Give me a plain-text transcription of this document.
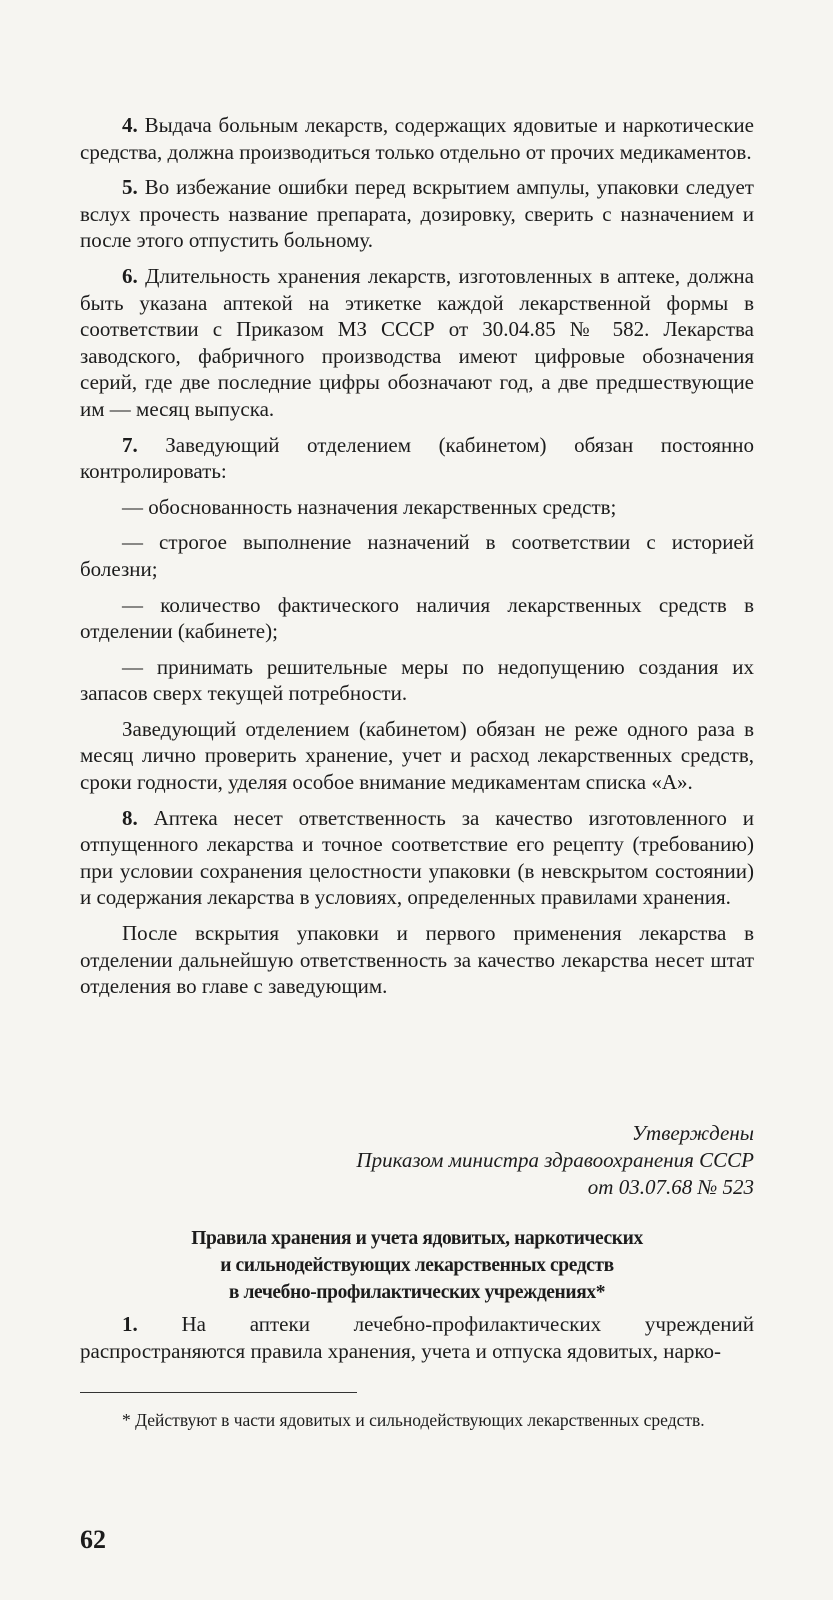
4. Выдача больным лекарств, содержащих ядовитые и наркотические средства, должна производиться только отдельно от прочих медикаментов.

5. Во избежание ошибки перед вскрытием ампулы, упаковки следует вслух прочесть название препарата, дозировку, сверить с назначением и после этого отпустить больному.

6. Длительность хранения лекарств, изготовленных в аптеке, должна быть указана аптекой на этикетке каждой лекарственной формы в соответствии с Приказом МЗ СССР от 30.04.85 № 582. Лекарства заводского, фабричного производства имеют цифровые обозначения серий, где две последние цифры обозначают год, а две предшествующие им — месяц выпуска.

7. Заведующий отделением (кабинетом) обязан постоянно контролировать:

— обоснованность назначения лекарственных средств;

— строгое выполнение назначений в соответствии с историей болезни;

— количество фактического наличия лекарственных средств в отделении (кабинете);

— принимать решительные меры по недопущению создания их запасов сверх текущей потребности.

Заведующий отделением (кабинетом) обязан не реже одного раза в месяц лично проверить хранение, учет и расход лекарственных средств, сроки годности, уделяя особое внимание медикаментам списка «А».

8. Аптека несет ответственность за качество изготовленного и отпущенного лекарства и точное соответствие его рецепту (требованию) при условии сохранения целостности упаковки (в невскрытом состоянии) и содержания лекарства в условиях, определенных правилами хранения.

После вскрытия упаковки и первого применения лекарства в отделении дальнейшую ответственность за качество лекарства несет штат отделения во главе с заведующим.

Утверждены
Приказом министра здравоохранения СССР
от 03.07.68 № 523
Правила хранения и учета ядовитых, наркотических
и сильнодействующих лекарственных средств
в лечебно-профилактических учреждениях*

1. На аптеки лечебно-профилактических учреждений распространяются правила хранения, учета и отпуска ядовитых, нарко-

* Действуют в части ядовитых и сильнодействующих лекарственных средств.
62
